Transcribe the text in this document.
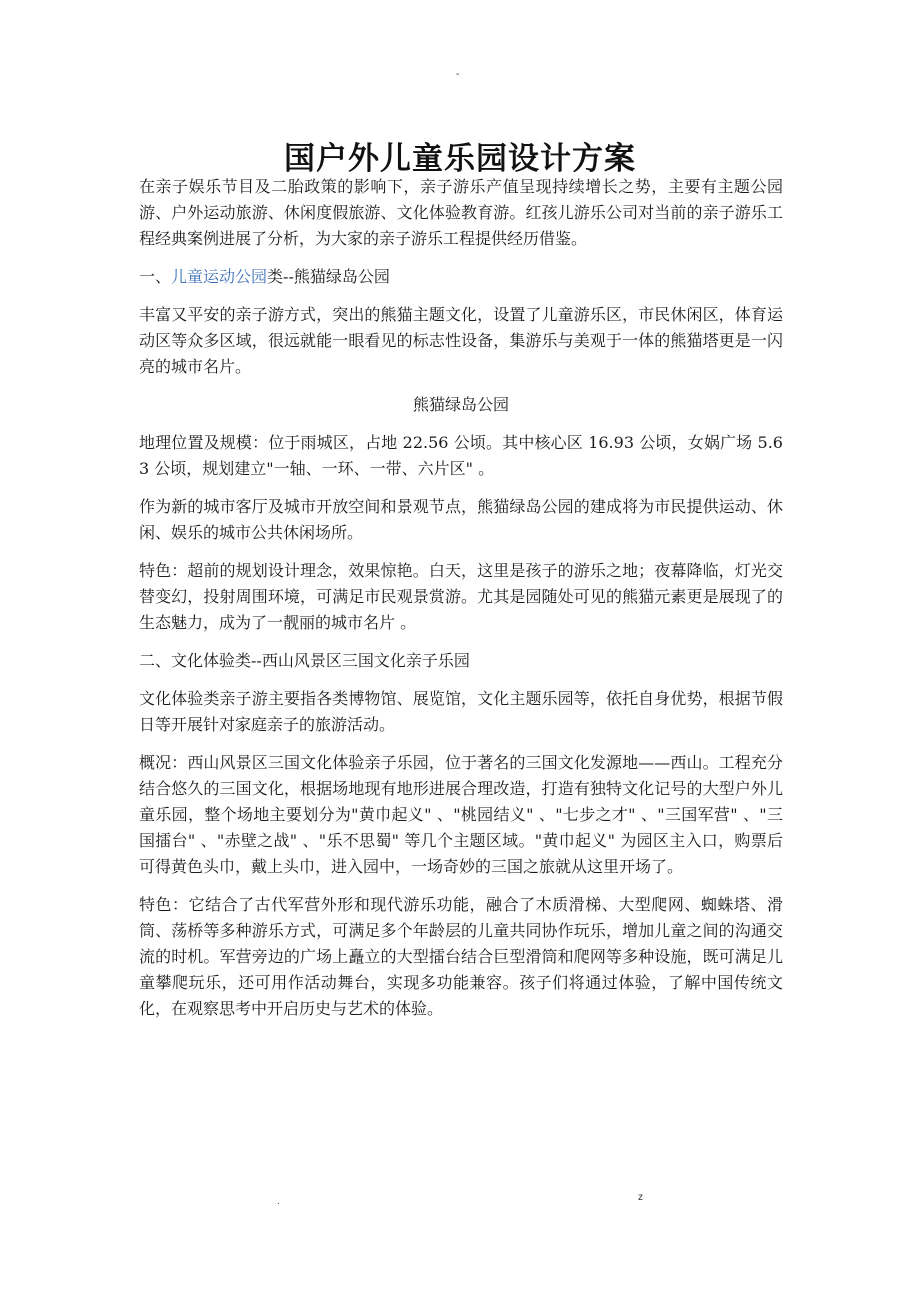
-
国户外儿童乐园设计方案

在亲子娱乐节目及二胎政策的影响下，亲子游乐产值呈现持续增长之势，主要有主题公园游、户外运动旅游、休闲度假旅游、文化体验教育游。红孩儿游乐公司对当前的亲子游乐工程经典案例进展了分析，为大家的亲子游乐工程提供经历借鉴。

一、儿童运动公园类--熊猫绿岛公园

丰富又平安的亲子游方式，突出的熊猫主题文化，设置了儿童游乐区，市民休闲区，体育运动区等众多区域，很远就能一眼看见的标志性设备，集游乐与美观于一体的熊猫塔更是一闪亮的城市名片。

熊猫绿岛公园

地理位置及规模：位于雨城区，占地 22.56 公顷。其中核心区 16.93 公顷，女娲广场 5.63 公顷，规划建立"一轴、一环、一带、六片区" 。

作为新的城市客厅及城市开放空间和景观节点，熊猫绿岛公园的建成将为市民提供运动、休闲、娱乐的城市公共休闲场所。

特色：超前的规划设计理念，效果惊艳。白天，这里是孩子的游乐之地；夜幕降临，灯光交替变幻，投射周围环境，可满足市民观景赏游。尤其是园随处可见的熊猫元素更是展现了的生态魅力，成为了一靓丽的城市名片 。

二、文化体验类--西山风景区三国文化亲子乐园

文化体验类亲子游主要指各类博物馆、展览馆，文化主题乐园等，依托自身优势，根据节假日等开展针对家庭亲子的旅游活动。

概况：西山风景区三国文化体验亲子乐园，位于著名的三国文化发源地——西山。工程充分结合悠久的三国文化，根据场地现有地形进展合理改造，打造有独特文化记号的大型户外儿童乐园，整个场地主要划分为"黄巾起义" 、"桃园结义" 、"七步之才" 、"三国军营" 、"三国擂台" 、"赤壁之战" 、"乐不思蜀" 等几个主题区域。"黄巾起义" 为园区主入口，购票后可得黄色头巾，戴上头巾，进入园中，一场奇妙的三国之旅就从这里开场了。

特色：它结合了古代军营外形和现代游乐功能，融合了木质滑梯、大型爬网、蜘蛛塔、滑筒、荡桥等多种游乐方式，可满足多个年龄层的儿童共同协作玩乐，增加儿童之间的沟通交流的时机。军营旁边的广场上矗立的大型擂台结合巨型滑筒和爬网等多种设施，既可满足儿童攀爬玩乐，还可用作活动舞台，实现多功能兼容。孩子们将通过体验，了解中国传统文化，在观察思考中开启历史与艺术的体验。

.	z
